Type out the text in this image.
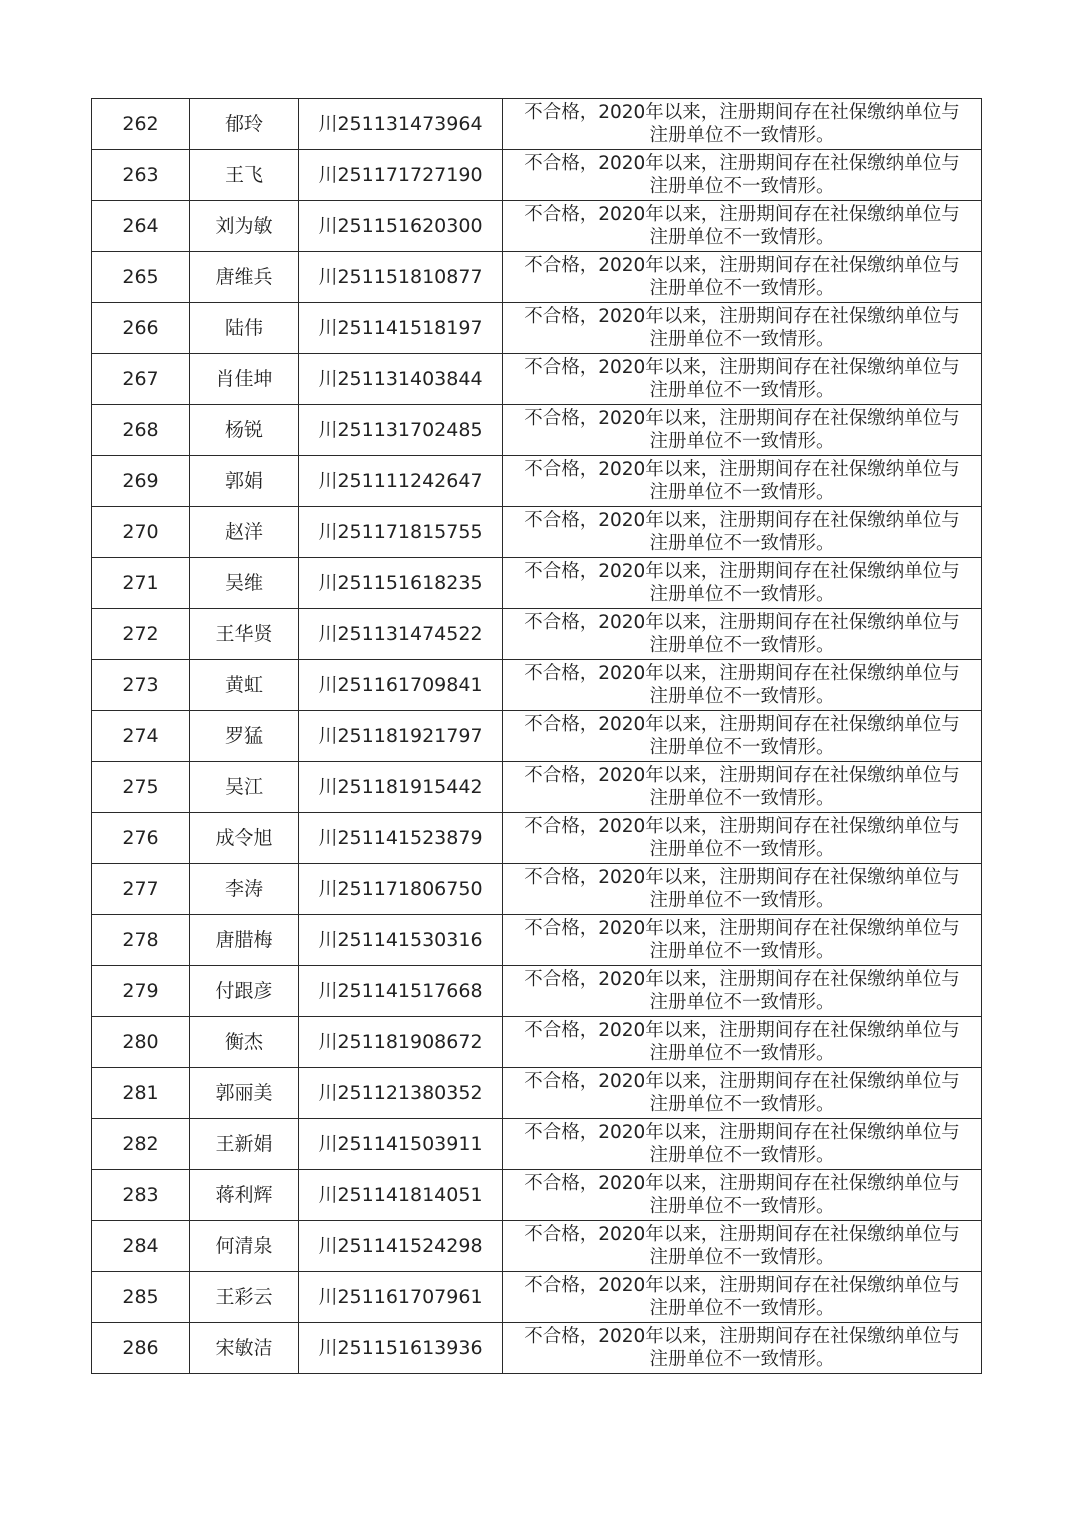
262	郁玲	川251131473964	不合格，2020年以来，注册期间存在社保缴纳单位与
注册单位不一致情形。

263	王飞	川251171727190	不合格，2020年以来，注册期间存在社保缴纳单位与
注册单位不一致情形。

264	刘为敏	川251151620300	不合格，2020年以来，注册期间存在社保缴纳单位与
注册单位不一致情形。

265	唐维兵	川251151810877	不合格，2020年以来，注册期间存在社保缴纳单位与
注册单位不一致情形。

266	陆伟	川251141518197	不合格，2020年以来，注册期间存在社保缴纳单位与
注册单位不一致情形。

267	肖佳坤	川251131403844	不合格，2020年以来，注册期间存在社保缴纳单位与
注册单位不一致情形。

268	杨锐	川251131702485	不合格，2020年以来，注册期间存在社保缴纳单位与
注册单位不一致情形。

269	郭娟	川251111242647	不合格，2020年以来，注册期间存在社保缴纳单位与
注册单位不一致情形。

270	赵洋	川251171815755	不合格，2020年以来，注册期间存在社保缴纳单位与
注册单位不一致情形。

271	吴维	川251151618235	不合格，2020年以来，注册期间存在社保缴纳单位与
注册单位不一致情形。

272	王华贤	川251131474522	不合格，2020年以来，注册期间存在社保缴纳单位与
注册单位不一致情形。

273	黄虹	川251161709841	不合格，2020年以来，注册期间存在社保缴纳单位与
注册单位不一致情形。

274	罗猛	川251181921797	不合格，2020年以来，注册期间存在社保缴纳单位与
注册单位不一致情形。

275	吴江	川251181915442	不合格，2020年以来，注册期间存在社保缴纳单位与
注册单位不一致情形。

276	成令旭	川251141523879	不合格，2020年以来，注册期间存在社保缴纳单位与
注册单位不一致情形。

277	李涛	川251171806750	不合格，2020年以来，注册期间存在社保缴纳单位与
注册单位不一致情形。

278	唐腊梅	川251141530316	不合格，2020年以来，注册期间存在社保缴纳单位与
注册单位不一致情形。

279	付跟彦	川251141517668	不合格，2020年以来，注册期间存在社保缴纳单位与
注册单位不一致情形。

280	衡杰	川251181908672	不合格，2020年以来，注册期间存在社保缴纳单位与
注册单位不一致情形。

281	郭丽美	川251121380352	不合格，2020年以来，注册期间存在社保缴纳单位与
注册单位不一致情形。

282	王新娟	川251141503911	不合格，2020年以来，注册期间存在社保缴纳单位与
注册单位不一致情形。

283	蒋利辉	川251141814051	不合格，2020年以来，注册期间存在社保缴纳单位与
注册单位不一致情形。

284	何清泉	川251141524298	不合格，2020年以来，注册期间存在社保缴纳单位与
注册单位不一致情形。

285	王彩云	川251161707961	不合格，2020年以来，注册期间存在社保缴纳单位与
注册单位不一致情形。

286	宋敏洁	川251151613936	不合格，2020年以来，注册期间存在社保缴纳单位与
注册单位不一致情形。
